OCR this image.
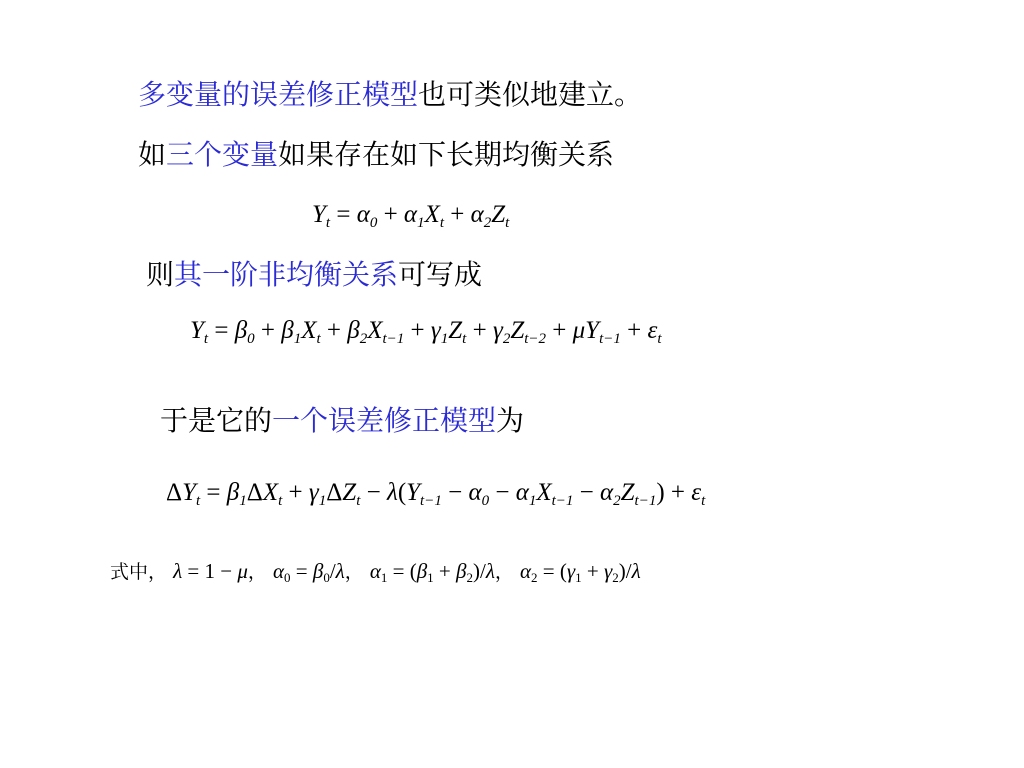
多变量的误差修正模型也可类似地建立。
如三个变量如果存在如下长期均衡关系
$Y_t = \alpha_0 + \alpha_1X_t + \alpha_2Z_t$
则其一阶非均衡关系可写成
$Y_t = \beta_0 + \beta_1X_t + \beta_2X_{t-1} + \gamma_1Z_t + \gamma_2Z_{t-2} + \mu Y_{t-1} + \varepsilon_t$
于是它的一个误差修正模型为
$\Delta Y_t = \beta_1\Delta X_t + \gamma_1\Delta Z_t - \lambda(Y_{t-1} - \alpha_0 - \alpha_1X_{t-1} - \alpha_2Z_{t-1}) + \varepsilon_t$
式中， λ = 1 − μ， $\alpha_0 = \beta_0/\lambda$， $\alpha_1 = (\beta_1 + \beta_2)/\lambda$， $\alpha_2 = (\gamma_1 + \gamma_2)/\lambda$
